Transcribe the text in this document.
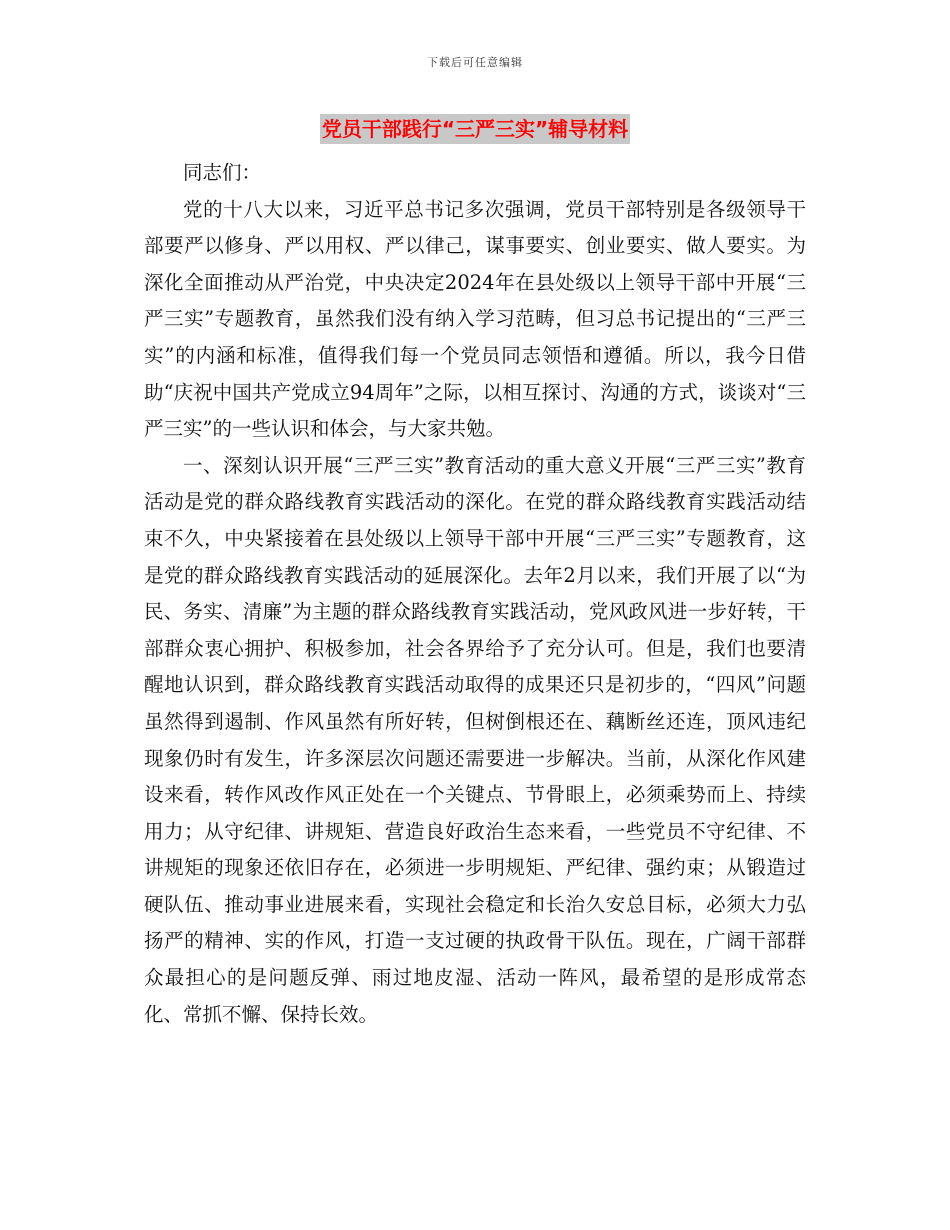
下载后可任意编辑
党员干部践行“三严三实”辅导材料

同志们：

党的十八大以来，习近平总书记多次强调，党员干部特别是各级领导干部要严以修身、严以用权、严以律己，谋事要实、创业要实、做人要实。为深化全面推动从严治党，中央决定2024年在县处级以上领导干部中开展“三严三实”专题教育，虽然我们没有纳入学习范畴，但习总书记提出的“三严三实”的内涵和标准，值得我们每一个党员同志领悟和遵循。所以，我今日借助“庆祝中国共产党成立94周年”之际，以相互探讨、沟通的方式，谈谈对“三严三实”的一些认识和体会，与大家共勉。

一、深刻认识开展“三严三实”教育活动的重大意义开展“三严三实”教育活动是党的群众路线教育实践活动的深化。在党的群众路线教育实践活动结束不久，中央紧接着在县处级以上领导干部中开展“三严三实”专题教育，这是党的群众路线教育实践活动的延展深化。去年2月以来，我们开展了以“为民、务实、清廉”为主题的群众路线教育实践活动，党风政风进一步好转，干部群众衷心拥护、积极参加，社会各界给予了充分认可。但是，我们也要清醒地认识到，群众路线教育实践活动取得的成果还只是初步的，“四风”问题虽然得到遏制、作风虽然有所好转，但树倒根还在、藕断丝还连，顶风违纪现象仍时有发生，许多深层次问题还需要进一步解决。当前，从深化作风建设来看，转作风改作风正处在一个关键点、节骨眼上，必须乘势而上、持续用力；从守纪律、讲规矩、营造良好政治生态来看，一些党员不守纪律、不讲规矩的现象还依旧存在，必须进一步明规矩、严纪律、强约束；从锻造过硬队伍、推动事业进展来看，实现社会稳定和长治久安总目标，必须大力弘扬严的精神、实的作风，打造一支过硬的执政骨干队伍。现在，广阔干部群众最担心的是问题反弹、雨过地皮湿、活动一阵风，最希望的是形成常态化、常抓不懈、保持长效。
